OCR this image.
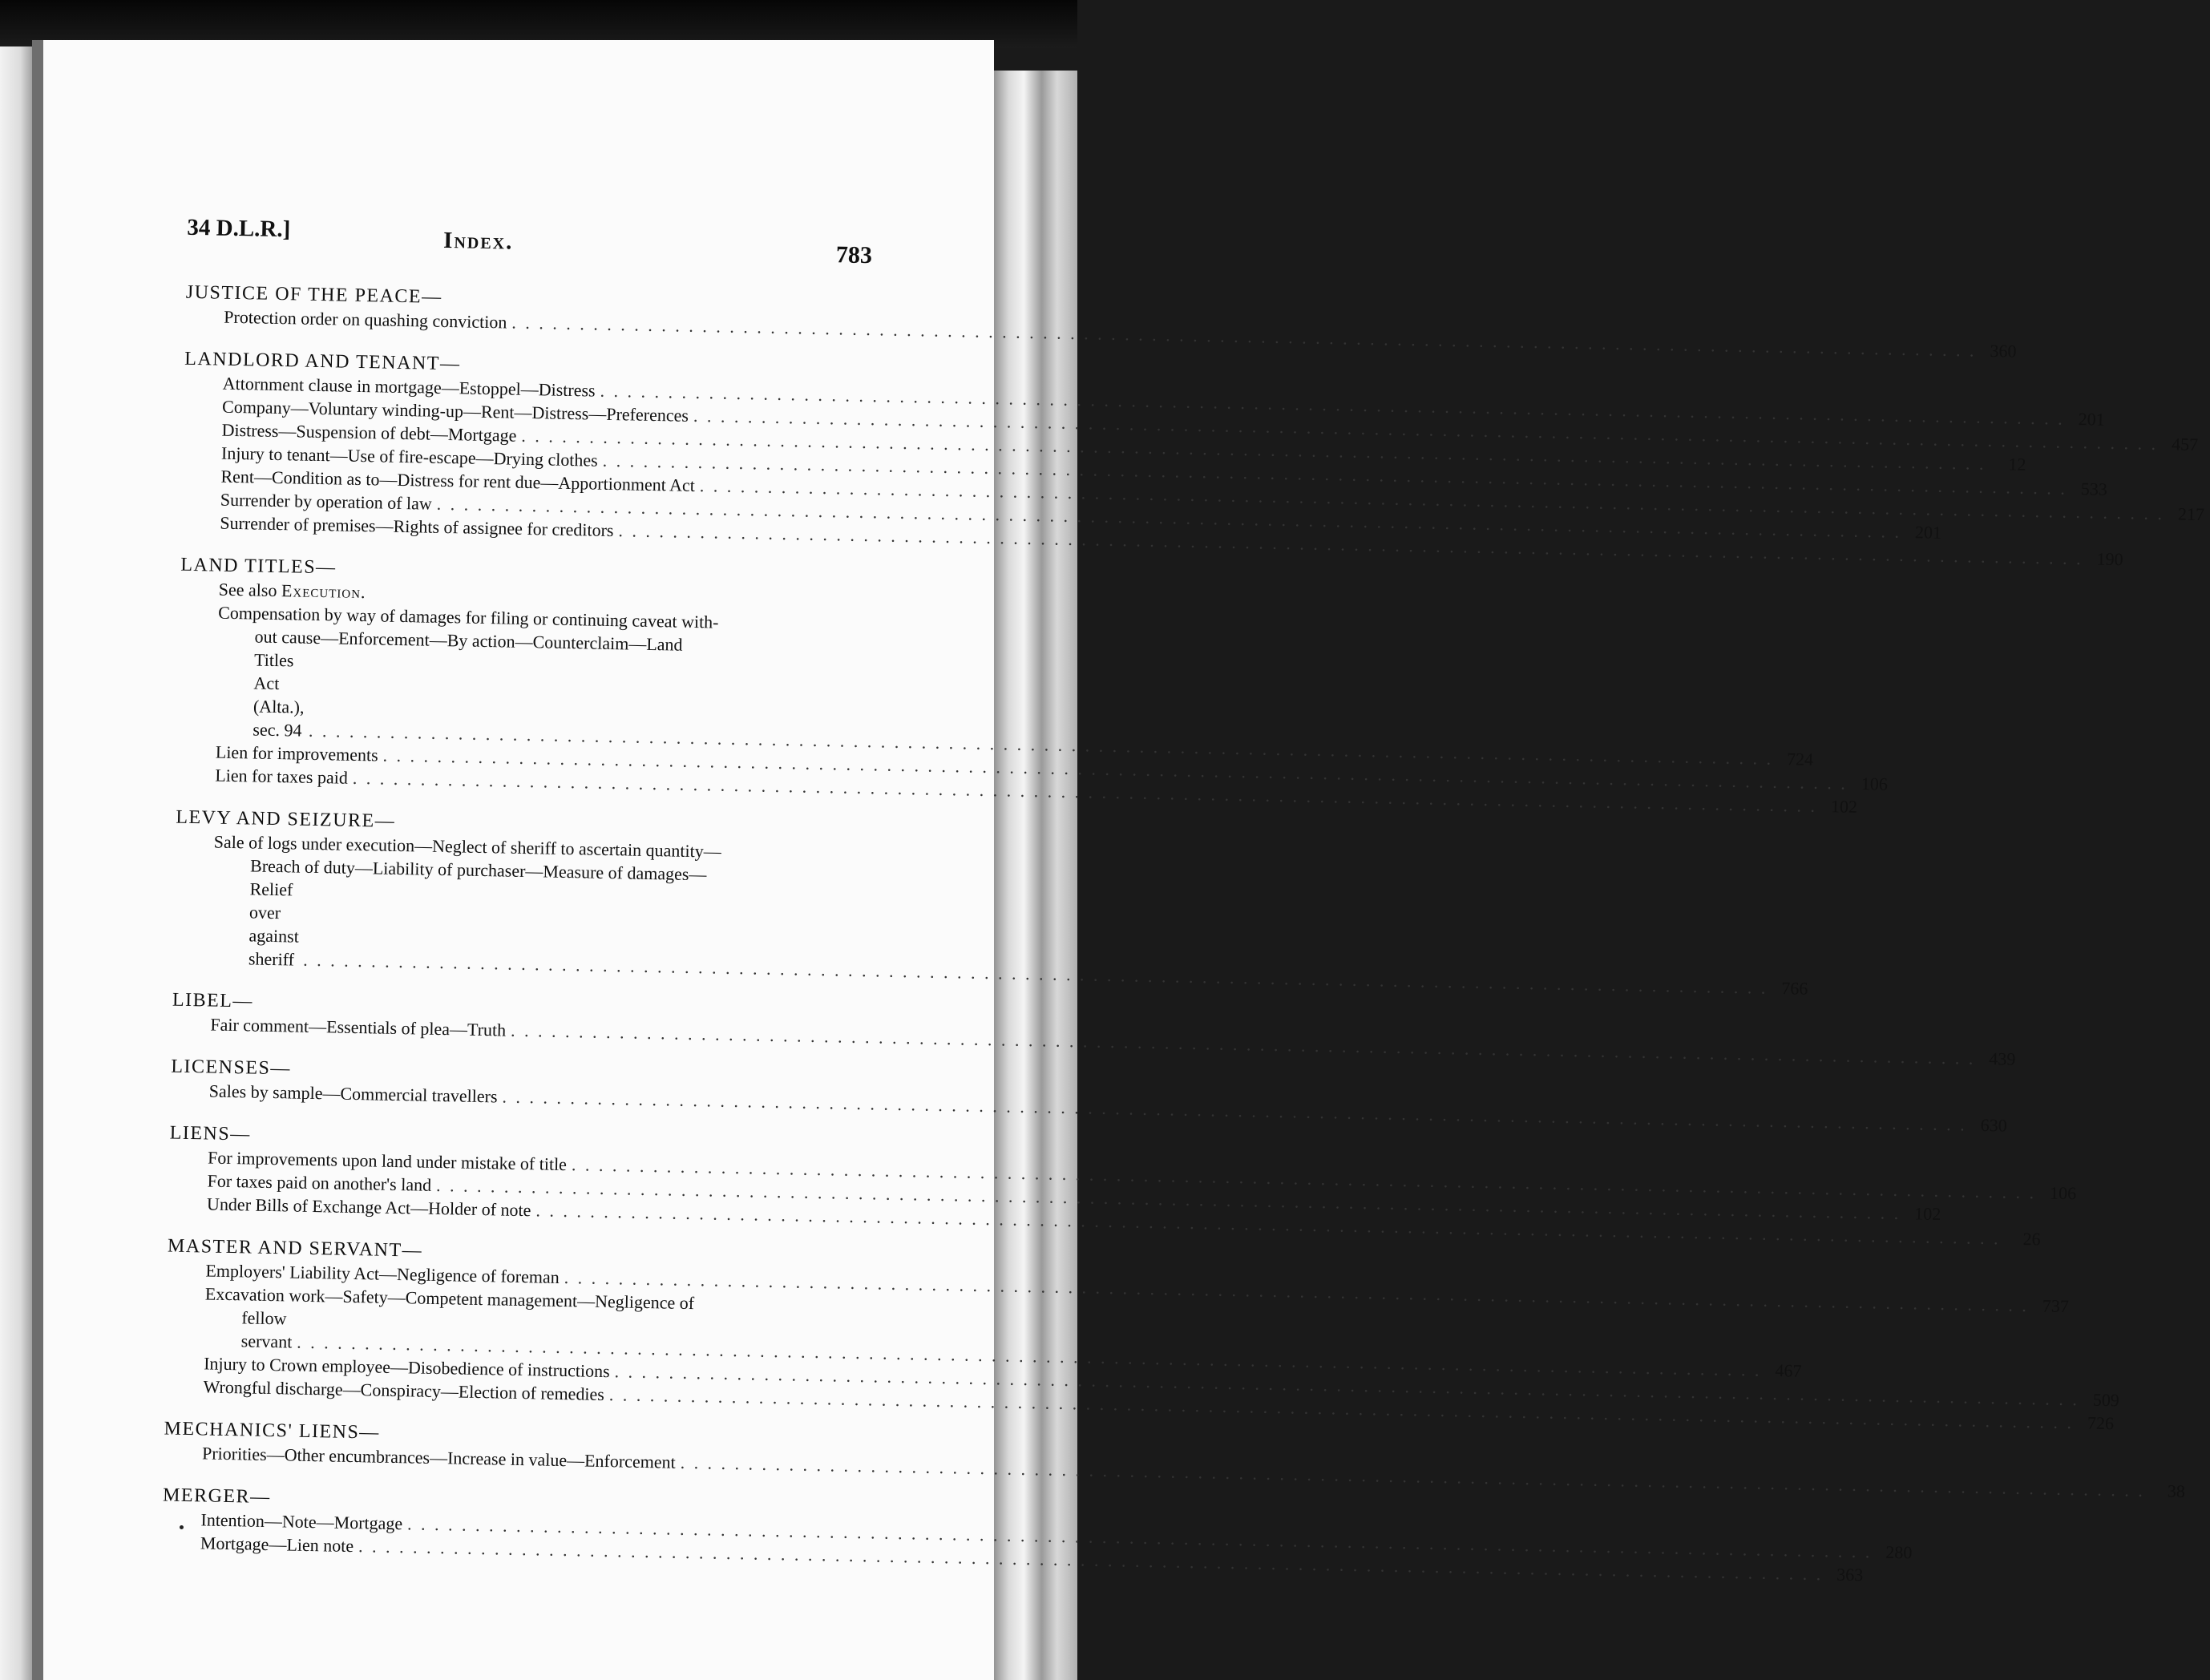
34 D.L.R.]	Index.
783
JUSTICE OF THE PEACE—
Protection order on quashing conviction
. . .
360
LANDLORD AND TENANT—
Attornment clause in mortgage—Estoppel—Distress
. . .
201
Company—Voluntary winding-up—Rent—Distress—Preferences
. . .
457
Distress—Suspension of debt—Mortgage
. . .
12
Injury to tenant—Use of fire-escape—Drying clothes
. . .
533
Rent—Condition as to—Distress for rent due—Apportionment Act
. . .
217
Surrender by operation of law
. . .
201
Surrender of premises—Rights of assignee for creditors
. . .
190
LAND TITLES—
See also Execution.
Compensation by way of damages for filing or continuing caveat with-
out cause—Enforcement—By action—Counterclaim—Land
Titles Act (Alta.), sec. 94
. . .
724
Lien for improvements
. . .
106
Lien for taxes paid
. . .
102
LEVY AND SEIZURE—
Sale of logs under execution—Neglect of sheriff to ascertain quantity—
Breach of duty—Liability of purchaser—Measure of damages—
Relief over against sheriff
. . .
766
LIBEL—
Fair comment—Essentials of plea—Truth
. . .
439
LICENSES—
Sales by sample—Commercial travellers
. . .
630
LIENS—
For improvements upon land under mistake of title
. . .
106
For taxes paid on another's land
. . .
102
Under Bills of Exchange Act—Holder of note
. . .
26
MASTER AND SERVANT—
Employers' Liability Act—Negligence of foreman
. . .
737
Excavation work—Safety—Competent management—Negligence of
fellow servant
. . .
467
Injury to Crown employee—Disobedience of instructions
. . .
509
Wrongful discharge—Conspiracy—Election of remedies
. . .
726
MECHANICS' LIENS—
Priorities—Other encumbrances—Increase in value—Enforcement
. . .
38
MERGER—
Intention—Note—Mortgage
. . .
280
Mortgage—Lien note
. . .
363
